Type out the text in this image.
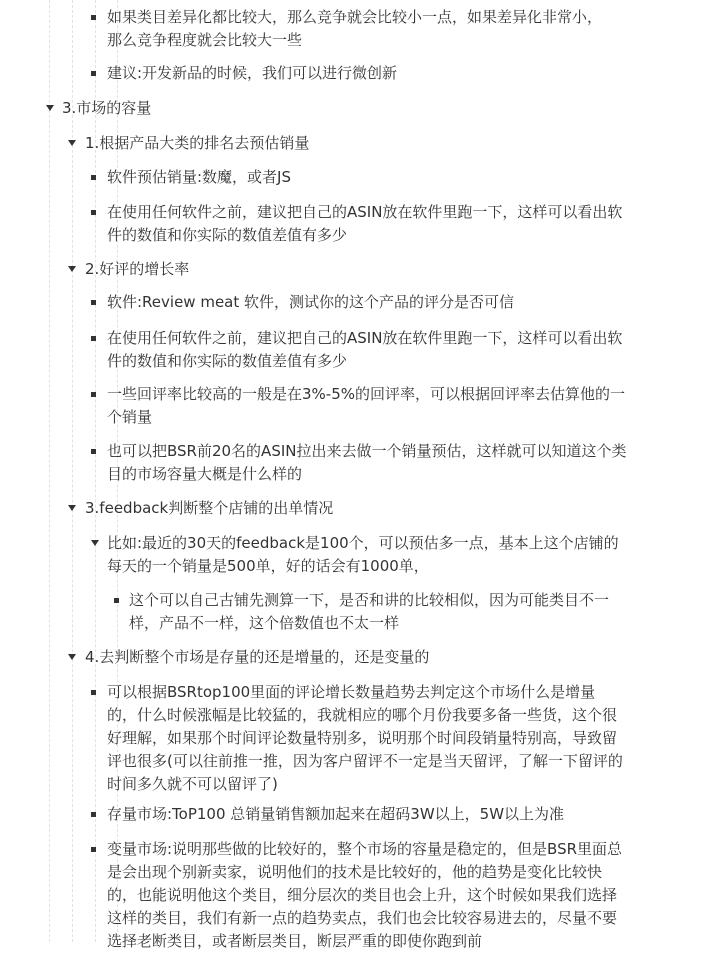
如果类目差异化都比较大，那么竞争就会比较小一点，如果差异化非常小，那么竞争程度就会比较大一些
建议:开发新品的时候，我们可以进行微创新
3.市场的容量
1.根据产品大类的排名去预估销量
软件预估销量:数魔，或者JS
在使用任何软件之前，建议把自己的ASIN放在软件里跑一下，这样可以看出软件的数值和你实际的数值差值有多少
2.好评的增长率
软件:Review meat 软件，测试你的这个产品的评分是否可信
在使用任何软件之前，建议把自己的ASIN放在软件里跑一下，这样可以看出软件的数值和你实际的数值差值有多少
一些回评率比较高的一般是在3%-5%的回评率，可以根据回评率去估算他的一个销量
也可以把BSR前20名的ASIN拉出来去做一个销量预估，这样就可以知道这个类目的市场容量大概是什么样的
3.feedback判断整个店铺的出单情况
比如:最近的30天的feedback是100个，可以预估多一点，基本上这个店铺的每天的一个销量是500单，好的话会有1000单，
这个可以自己古铺先测算一下，是否和讲的比较相似，因为可能类目不一样，产品不一样，这个倍数值也不太一样
4.去判断整个市场是存量的还是增量的，还是变量的
可以根据BSRtop100里面的评论增长数量趋势去判定这个市场什么是增量的，什么时候涨幅是比较猛的，我就相应的哪个月份我要多备一些货，这个很好理解，如果那个时间评论数量特别多，说明那个时间段销量特别高，导致留评也很多(可以往前推一推，因为客户留评不一定是当天留评，了解一下留评的时间多久就不可以留评了)
存量市场:ToP100 总销量销售额加起来在超码3W以上，5W以上为准
变量市场:说明那些做的比较好的，整个市场的容量是稳定的，但是BSR里面总是会出现个别新卖家，说明他们的技术是比较好的，他的趋势是变化比较快的，也能说明他这个类目，细分层次的类目也会上升，这个时候如果我们选择这样的类目，我们有新一点的趋势卖点，我们也会比较容易进去的，尽量不要选择老断类目，或者断层类目，断层严重的即使你跑到前
